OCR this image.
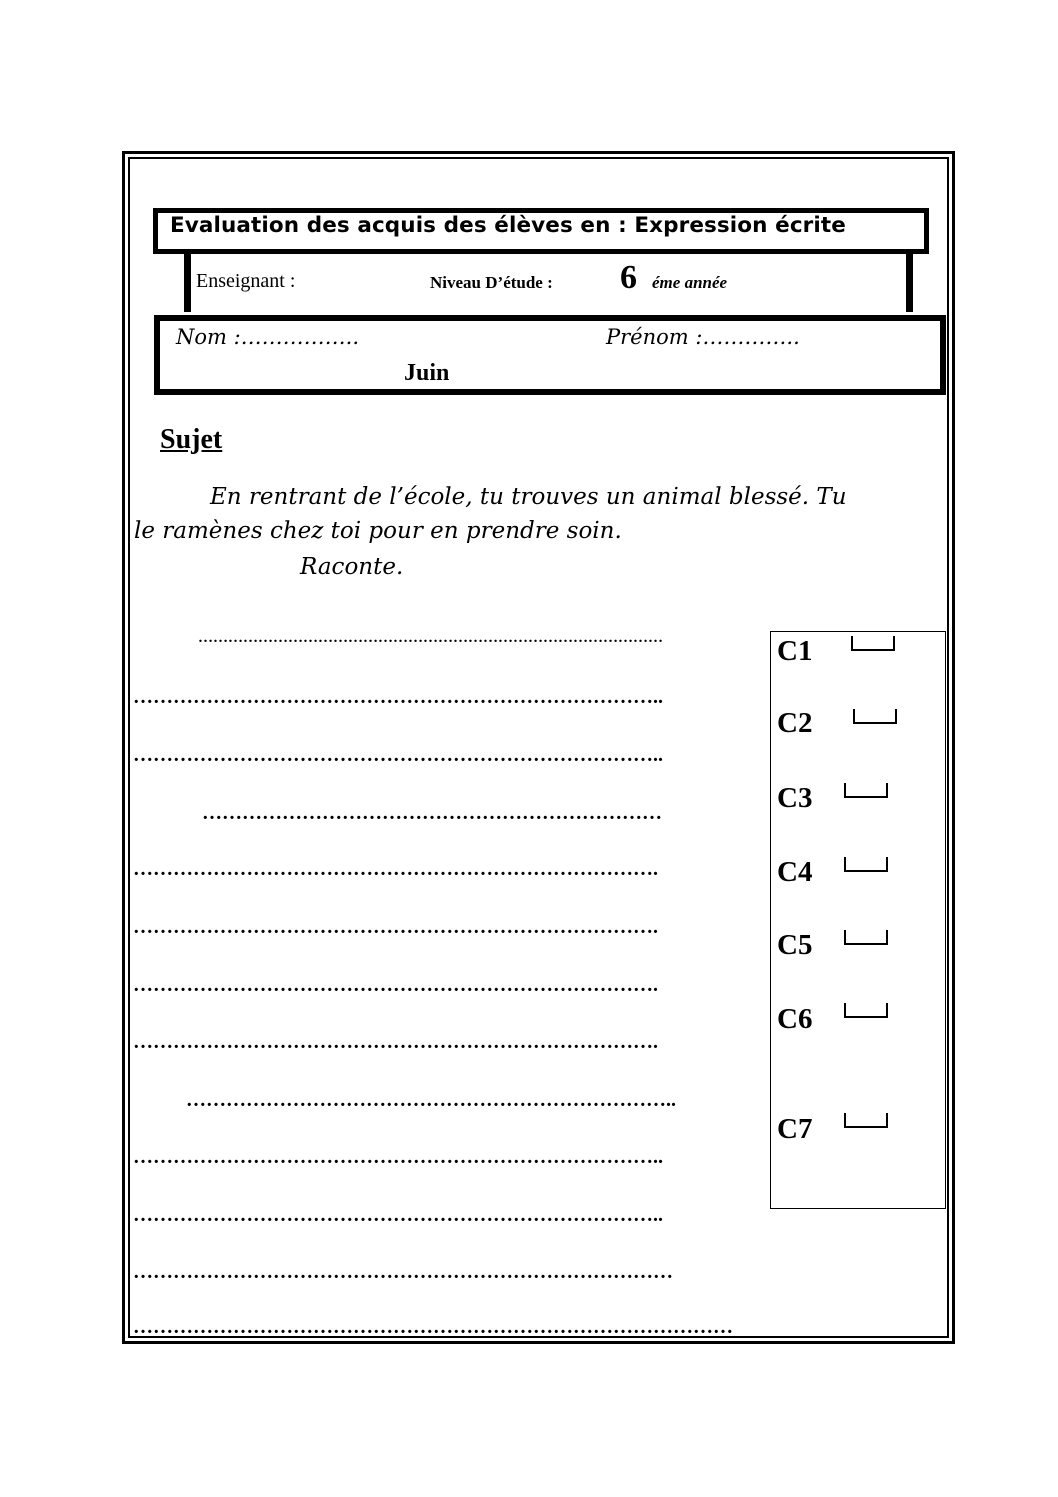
Evaluation des acquis des élèves en : Expression écrite
Enseignant :	Niveau D’étude : 6 éme année
Nom :……………..	Prénom :…………..
Juin
Sujet
En rentrant de l’école, tu trouves un animal blessé. Tu
le ramènes chez toi pour en prendre soin.
Raconte.
…………………………………………………………………………………
……………………………………………………………………..
……………………………………………………………………..
……………………………………………………………
…………………………………………………………………….
…………………………………………………………………….
…………………………………………………………………….
…………………………………………………………………….
………………………………………………………………..
……………………………………………………………………..
……………………………………………………………………..
………………………………………………………………………
………………………………………………………………………………
C1
C2
C3
C4
C5
C6
C7
